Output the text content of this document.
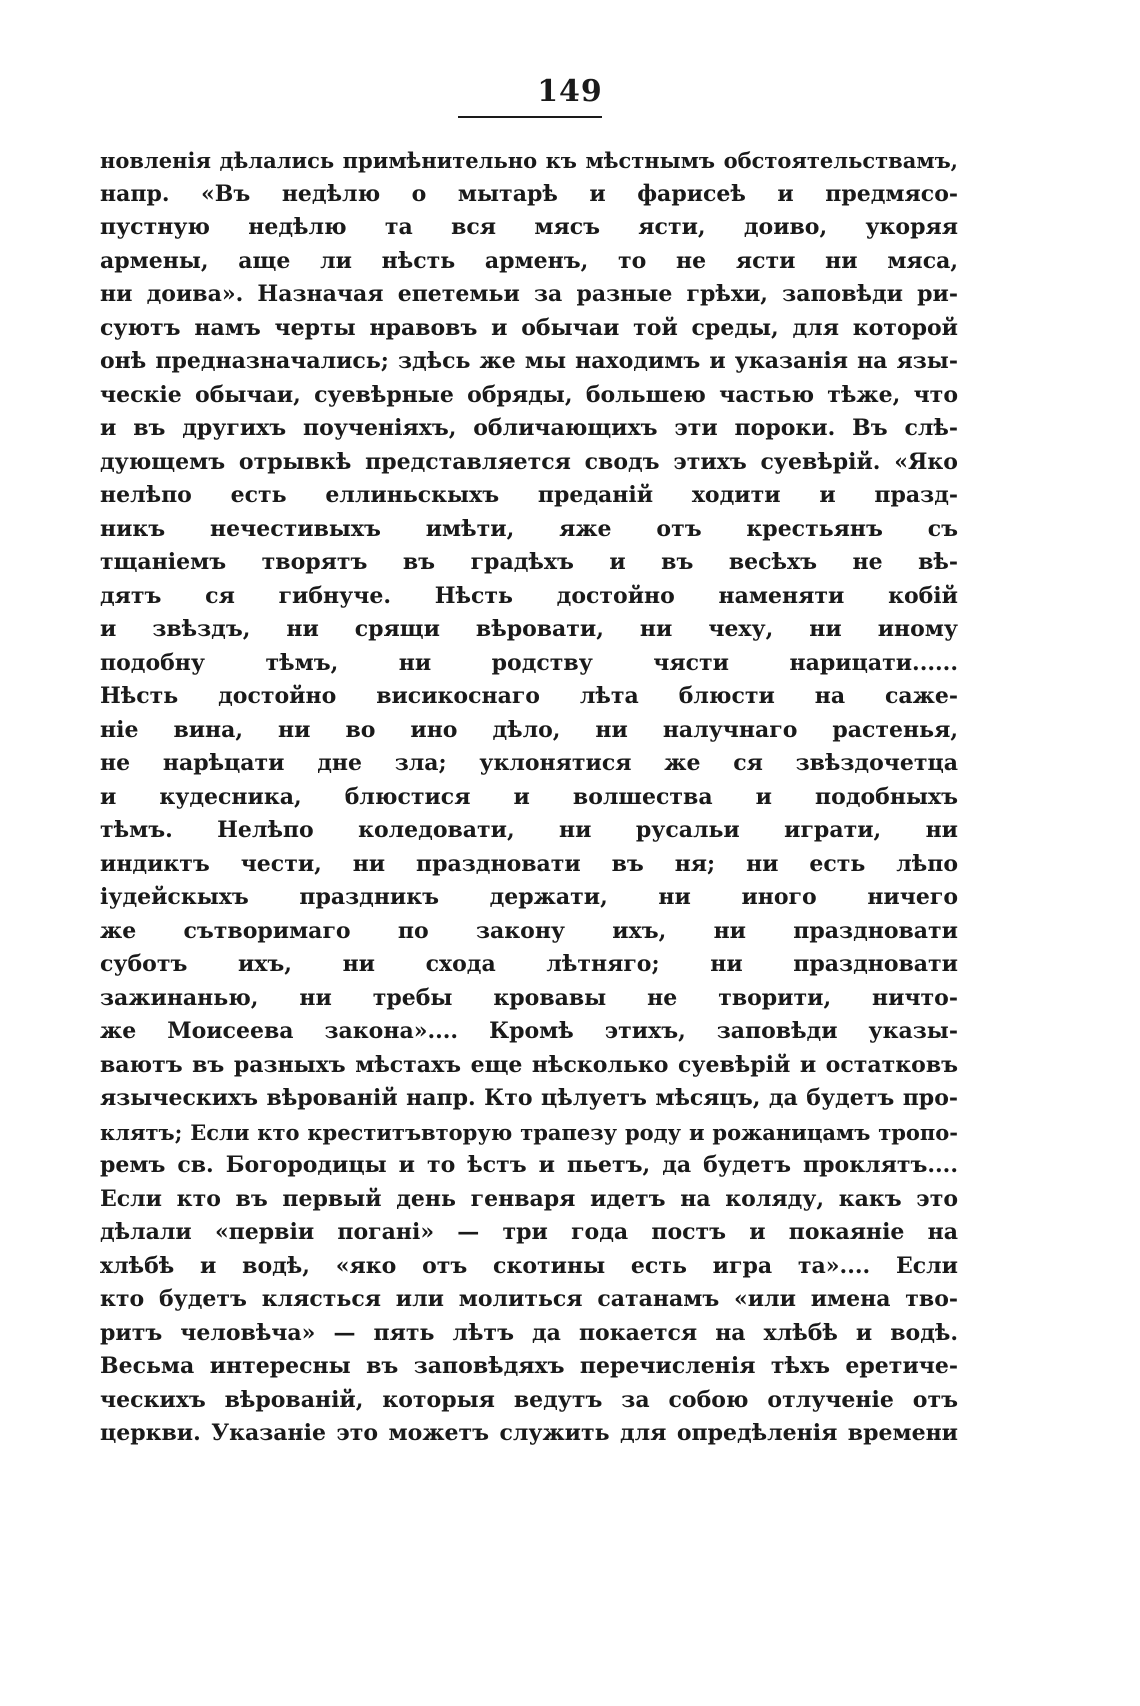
149
новленія дѣлались примѣнительно къ мѣстнымъ обстоятельствамъ,
напр. «Въ недѣлю о мытарѣ и фарисеѣ и предмясо-
пустную недѣлю та вся мясъ ясти, доиво, укоряя
армены, аще ли нѣсть арменъ, то не ясти ни мяса,
ни доива». Назначая епетемьи за разные грѣхи, заповѣди ри-
суютъ намъ черты нравовъ и обычаи той среды, для которой
онѣ предназначались; здѣсь же мы находимъ и указанія на язы-
ческіе обычаи, суевѣрные обряды, большею частью тѣже, что
и въ другихъ поученіяхъ, обличающихъ эти пороки. Въ слѣ-
дующемъ отрывкѣ представляется сводъ этихъ суевѣрій. «Яко
нелѣпо есть еллиньскыхъ преданій ходити и празд-
никъ нечестивыхъ имѣти, яже отъ крестьянъ съ
тщаніемъ творятъ въ градѣхъ и въ весѣхъ не вѣ-
дятъ ся гибнуче. Нѣсть достойно наменяти кобій
и звѣздъ, ни срящи вѣровати, ни чеху, ни иному
подобну тѣмъ, ни родству чясти нарицати......
Нѣсть достойно висикоснаго лѣта блюсти на саже-
ніе вина, ни во ино дѣло, ни налучнаго растенья,
не нарѣцати дне зла; уклонятися же ся звѣздочетца
и кудесника, блюстися и волшества и подобныхъ
тѣмъ. Нелѣпо коледовати, ни русальи играти, ни
индиктъ чести, ни праздновати въ ня; ни есть лѣпо
іудейскыхъ праздникъ держати, ни иного ничего
же сътворимаго по закону ихъ, ни праздновати
суботъ ихъ, ни схода лѣтняго; ни праздновати
зажинанью, ни требы кровавы не творити, ничто-
же Моисеева закона».... Кромѣ этихъ, заповѣди указы-
ваютъ въ разныхъ мѣстахъ еще нѣсколько суевѣрій и остатковъ
языческихъ вѣрованій напр. Кто цѣлуетъ мѣсяцъ, да будетъ про-
клятъ; Если кто креститъвторую трапезу роду и рожаницамъ тропо-
ремъ св. Богородицы и то ѣстъ и пьетъ, да будетъ проклятъ....
Если кто въ первый день генваря идетъ на коляду, какъ это
дѣлали «первіи погані» — три года постъ и покаяніе на
хлѣбѣ и водѣ, «яко отъ скотины есть игра та».... Если
кто будетъ клясться или молиться сатанамъ «или имена тво-
ритъ человѣча» — пять лѣтъ да покается на хлѣбѣ и водѣ.
Весьма интересны въ заповѣдяхъ перечисленія тѣхъ еретиче-
ческихъ вѣрованій, которыя ведутъ за собою отлученіе отъ
церкви. Указаніе это можетъ служить для опредѣленія времени
